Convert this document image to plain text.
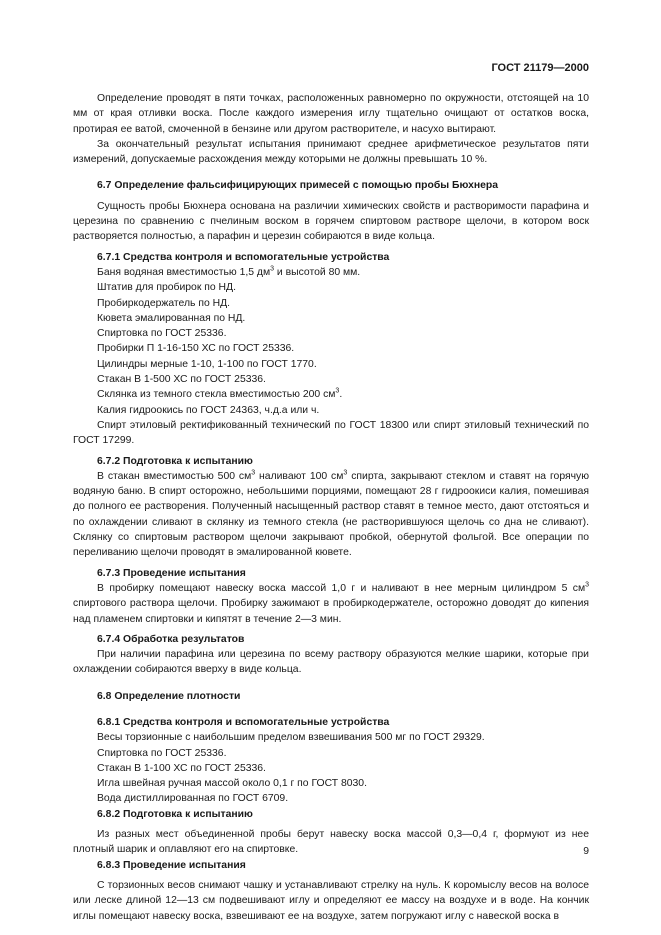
ГОСТ 21179—2000

Определение проводят в пяти точках, расположенных равномерно по окружности, отстоящей на 10 мм от края отливки воска. После каждого измерения иглу тщательно очищают от остатков воска, протирая ее ватой, смоченной в бензине или другом растворителе, и насухо вытирают.

За окончательный результат испытания принимают среднее арифметическое результатов пяти измерений, допускаемые расхождения между которыми не должны превышать 10 %.

6.7 Определение фальсифицирующих примесей с помощью пробы Бюхнера

Сущность пробы Бюхнера основана на различии химических свойств и растворимости парафина и церезина по сравнению с пчелиным воском в горячем спиртовом растворе щелочи, в котором воск растворяется полностью, а парафин и церезин собираются в виде кольца.

6.7.1 Средства контроля и вспомогательные устройства

Баня водяная вместимостью 1,5 $дм^3$ и высотой 80 мм.

Штатив для пробирок по НД.

Пробиркодержатель по НД.

Кювета эмалированная по НД.

Спиртовка по ГОСТ 25336.

Пробирки П 1-16-150 ХС по ГОСТ 25336.

Цилиндры мерные 1-10, 1-100 по ГОСТ 1770.

Стакан В 1-500 ХС по ГОСТ 25336.

Склянка из темного стекла вместимостью 200 $см^3$.

Калия гидроокись по ГОСТ 24363, ч.д.а или ч.

Спирт этиловый ректификованный технический по ГОСТ 18300 или спирт этиловый технический по ГОСТ 17299.

6.7.2 Подготовка к испытанию

В стакан вместимостью 500 $см^3$ наливают 100 $см^3$ спирта, закрывают стеклом и ставят на горячую водяную баню. В спирт осторожно, небольшими порциями, помещают 28 г гидроокиси калия, помешивая до полного ее растворения. Полученный насыщенный раствор ставят в темное место, дают отстояться и по охлаждении сливают в склянку из темного стекла (не растворившуюся щелочь со дна не сливают). Склянку со спиртовым раствором щелочи закрывают пробкой, обернутой фольгой. Все операции по переливанию щелочи проводят в эмалированной кювете.

6.7.3 Проведение испытания

В пробирку помещают навеску воска массой 1,0 г и наливают в нее мерным цилиндром 5 $см^3$ спиртового раствора щелочи. Пробирку зажимают в пробиркодержателе, осторожно доводят до кипения над пламенем спиртовки и кипятят в течение 2—3 мин.

6.7.4 Обработка результатов

При наличии парафина или церезина по всему раствору образуются мелкие шарики, которые при охлаждении собираются вверху в виде кольца.

6.8 Определение плотности
6.8.1 Средства контроля и вспомогательные устройства

Весы торзионные с наибольшим пределом взвешивания 500 мг по ГОСТ 29329.

Спиртовка по ГОСТ 25336.

Стакан В 1-100 ХС по ГОСТ 25336.

Игла швейная ручная массой около 0,1 г по ГОСТ 8030.

Вода дистиллированная по ГОСТ 6709.

6.8.2 Подготовка к испытанию

Из разных мест объединенной пробы берут навеску воска массой 0,3—0,4 г, формуют из нее плотный шарик и оплавляют его на спиртовке.

6.8.3 Проведение испытания

С торзионных весов снимают чашку и устанавливают стрелку на нуль. К коромыслу весов на волосе или леске длиной 12—13 см подвешивают иглу и определяют ее массу на воздухе и в воде. На кончик иглы помещают навеску воска, взвешивают ее на воздухе, затем погружают иглу с навеской воска в

9
